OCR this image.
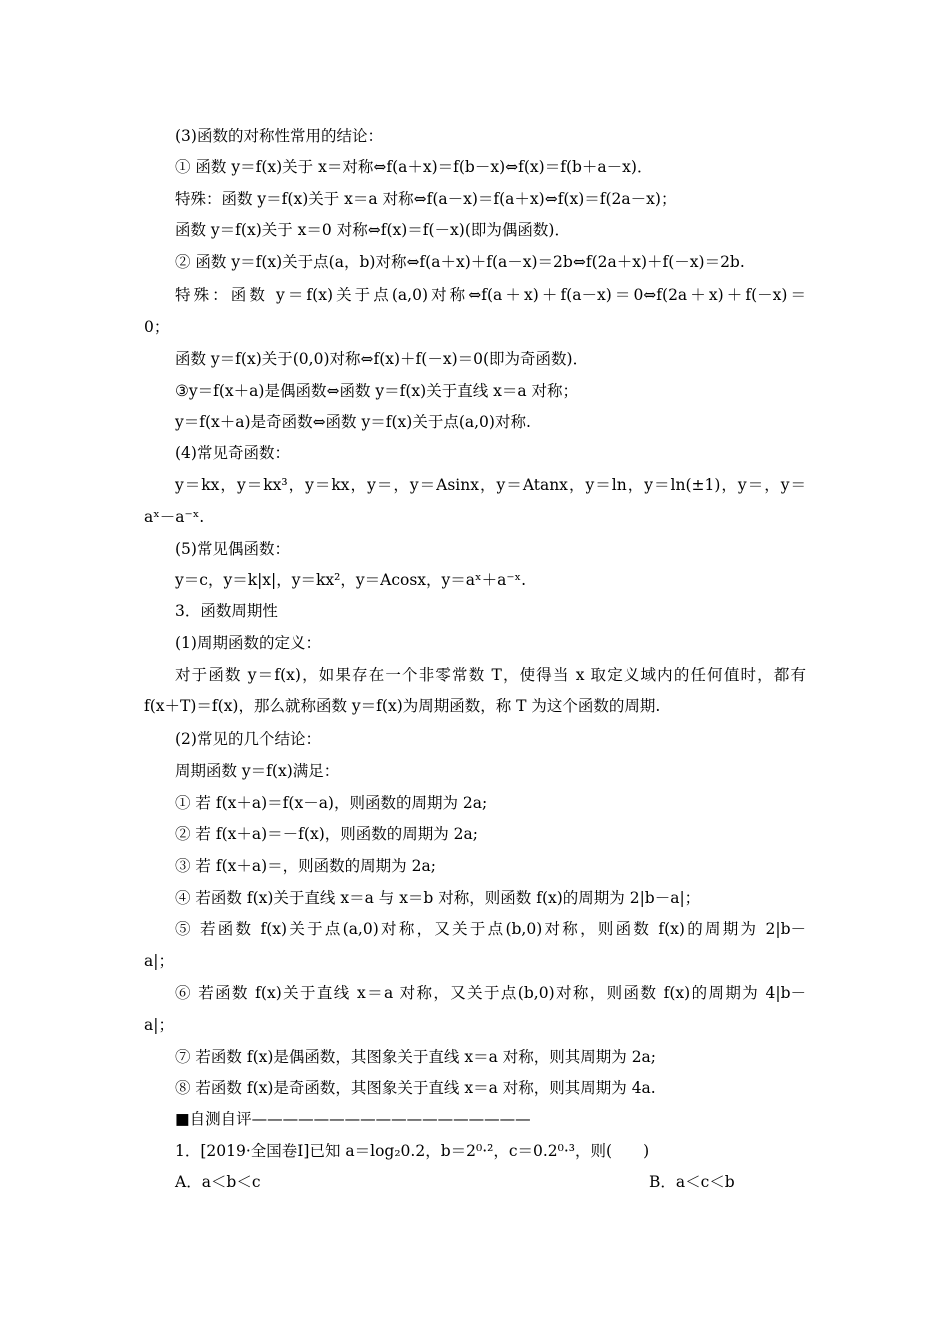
(3)函数的对称性常用的结论：
① 函数 y＝f(x)关于 x＝对称⇔f(a＋x)＝f(b－x)⇔f(x)＝f(b＋a－x)．
特殊：函数 y＝f(x)关于 x＝a 对称⇔f(a－x)＝f(a＋x)⇔f(x)＝f(2a－x)；
函数 y＝f(x)关于 x＝0 对称⇔f(x)＝f(－x)(即为偶函数)．
② 函数 y＝f(x)关于点(a，b)对称⇔f(a＋x)＋f(a－x)＝2b⇔f(2a＋x)＋f(－x)＝2b.
特殊：函数 y＝f(x)关于点(a,0)对称⇔f(a＋x)＋f(a－x)＝0⇔f(2a＋x)＋f(－x)＝
0；
函数 y＝f(x)关于(0,0)对称⇔f(x)＋f(－x)＝0(即为奇函数)．
③y＝f(x＋a)是偶函数⇔函数 y＝f(x)关于直线 x＝a 对称；
y＝f(x＋a)是奇函数⇔函数 y＝f(x)关于点(a,0)对称.
(4)常见奇函数：
y＝kx，y＝kx³，y＝kx，y＝，y＝Asinx，y＝Atanx，y＝ln，y＝ln(±1)，y＝，y＝
aˣ－a⁻ˣ.
(5)常见偶函数：
y＝c，y＝k|x|，y＝kx²，y＝Acosx，y＝aˣ＋a⁻ˣ.
3．函数周期性
(1)周期函数的定义：
对于函数 y＝f(x)，如果存在一个非零常数 T，使得当 x 取定义域内的任何值时，都有
f(x＋T)＝f(x)，那么就称函数 y＝f(x)为周期函数，称 T 为这个函数的周期.
(2)常见的几个结论：
周期函数 y＝f(x)满足：
① 若 f(x＋a)＝f(x－a)，则函数的周期为 2a;
② 若 f(x＋a)＝－f(x)，则函数的周期为 2a;
③ 若 f(x＋a)＝，则函数的周期为 2a;
④ 若函数 f(x)关于直线 x＝a 与 x＝b 对称，则函数 f(x)的周期为 2|b－a|；
⑤ 若函数 f(x)关于点(a,0)对称，又关于点(b,0)对称，则函数 f(x)的周期为 2|b－
a|；
⑥ 若函数 f(x)关于直线 x＝a 对称，又关于点(b,0)对称，则函数 f(x)的周期为 4|b－
a|；
⑦ 若函数 f(x)是偶函数，其图象关于直线 x＝a 对称，则其周期为 2a;
⑧ 若函数 f(x)是奇函数，其图象关于直线 x＝a 对称，则其周期为 4a.
■自测自评——————————————————
1．[2019·全国卷Ⅰ]已知 a＝log₂0.2，b＝2⁰·²，c＝0.2⁰·³，则(　　)
A．a＜b＜c	B．a＜c＜b
